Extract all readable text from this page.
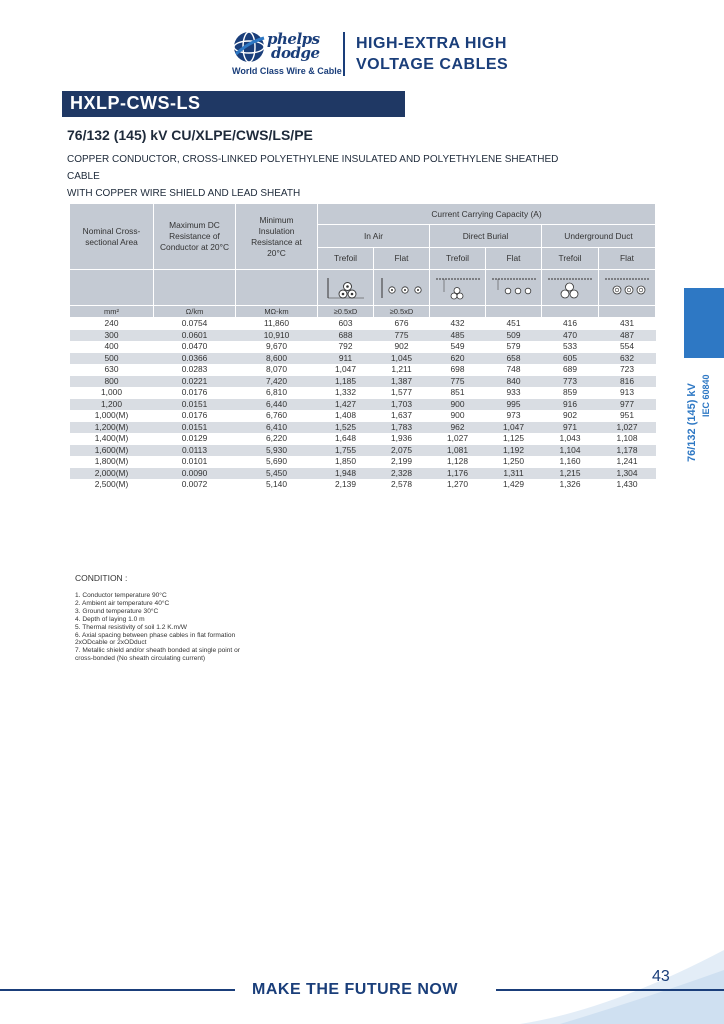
phelps
dodge
World Class Wire & Cable
HIGH-EXTRA HIGH
VOLTAGE CABLES
HXLP-CWS-LS
76/132 (145) kV CU/XLPE/CWS/LS/PE
COPPER CONDUCTOR, CROSS-LINKED POLYETHYLENE INSULATED AND POLYETHYLENE SHEATHED CABLE
WITH COPPER WIRE SHIELD AND LEAD SHEATH
Nominal Cross-sectional Area	Maximum DC Resistance of Conductor at 20°C	Minimum Insulation Resistance at 20°C	Current Carrying Capacity (A)					
			In Air		Direct Burial		Underground Duct	
			Trefoil	Flat	Trefoil	Flat	Trefoil	Flat

mm²	Ω/km	MΩ-km	≥0.5xD	≥0.5xD				
240	0.0754	11,860	603	676	432	451	416	431
300	0.0601	10,910	688	775	485	509	470	487
400	0.0470	9,670	792	902	549	579	533	554
500	0.0366	8,600	911	1,045	620	658	605	632
630	0.0283	8,070	1,047	1,211	698	748	689	723
800	0.0221	7,420	1,185	1,387	775	840	773	816
1,000	0.0176	6,810	1,332	1,577	851	933	859	913
1,200	0.0151	6,440	1,427	1,703	900	995	916	977
1,000(M)	0.0176	6,760	1,408	1,637	900	973	902	951
1,200(M)	0.0151	6,410	1,525	1,783	962	1,047	971	1,027
1,400(M)	0.0129	6,220	1,648	1,936	1,027	1,125	1,043	1,108
1,600(M)	0.0113	5,930	1,755	2,075	1,081	1,192	1,104	1,178
1,800(M)	0.0101	5,690	1,850	2,199	1,128	1,250	1,160	1,241
2,000(M)	0.0090	5,450	1,948	2,328	1,176	1,311	1,215	1,304
2,500(M)	0.0072	5,140	2,139	2,578	1,270	1,429	1,326	1,430
CONDITION :
1. Conductor temperature 90°C
2. Ambient air temperature 40°C
3. Ground temperature 30°C
4. Depth of laying 1.0 m
5. Thermal resistivity of soil 1.2 K.m/W
6. Axial spacing between phase cables in flat formation
2xODcable or 2xODduct
7. Metallic shield and/or sheath bonded at single point or
cross-bonded (No sheath circulating current)
76/132 (145) kV IEC 60840
MAKE THE FUTURE NOW
43
